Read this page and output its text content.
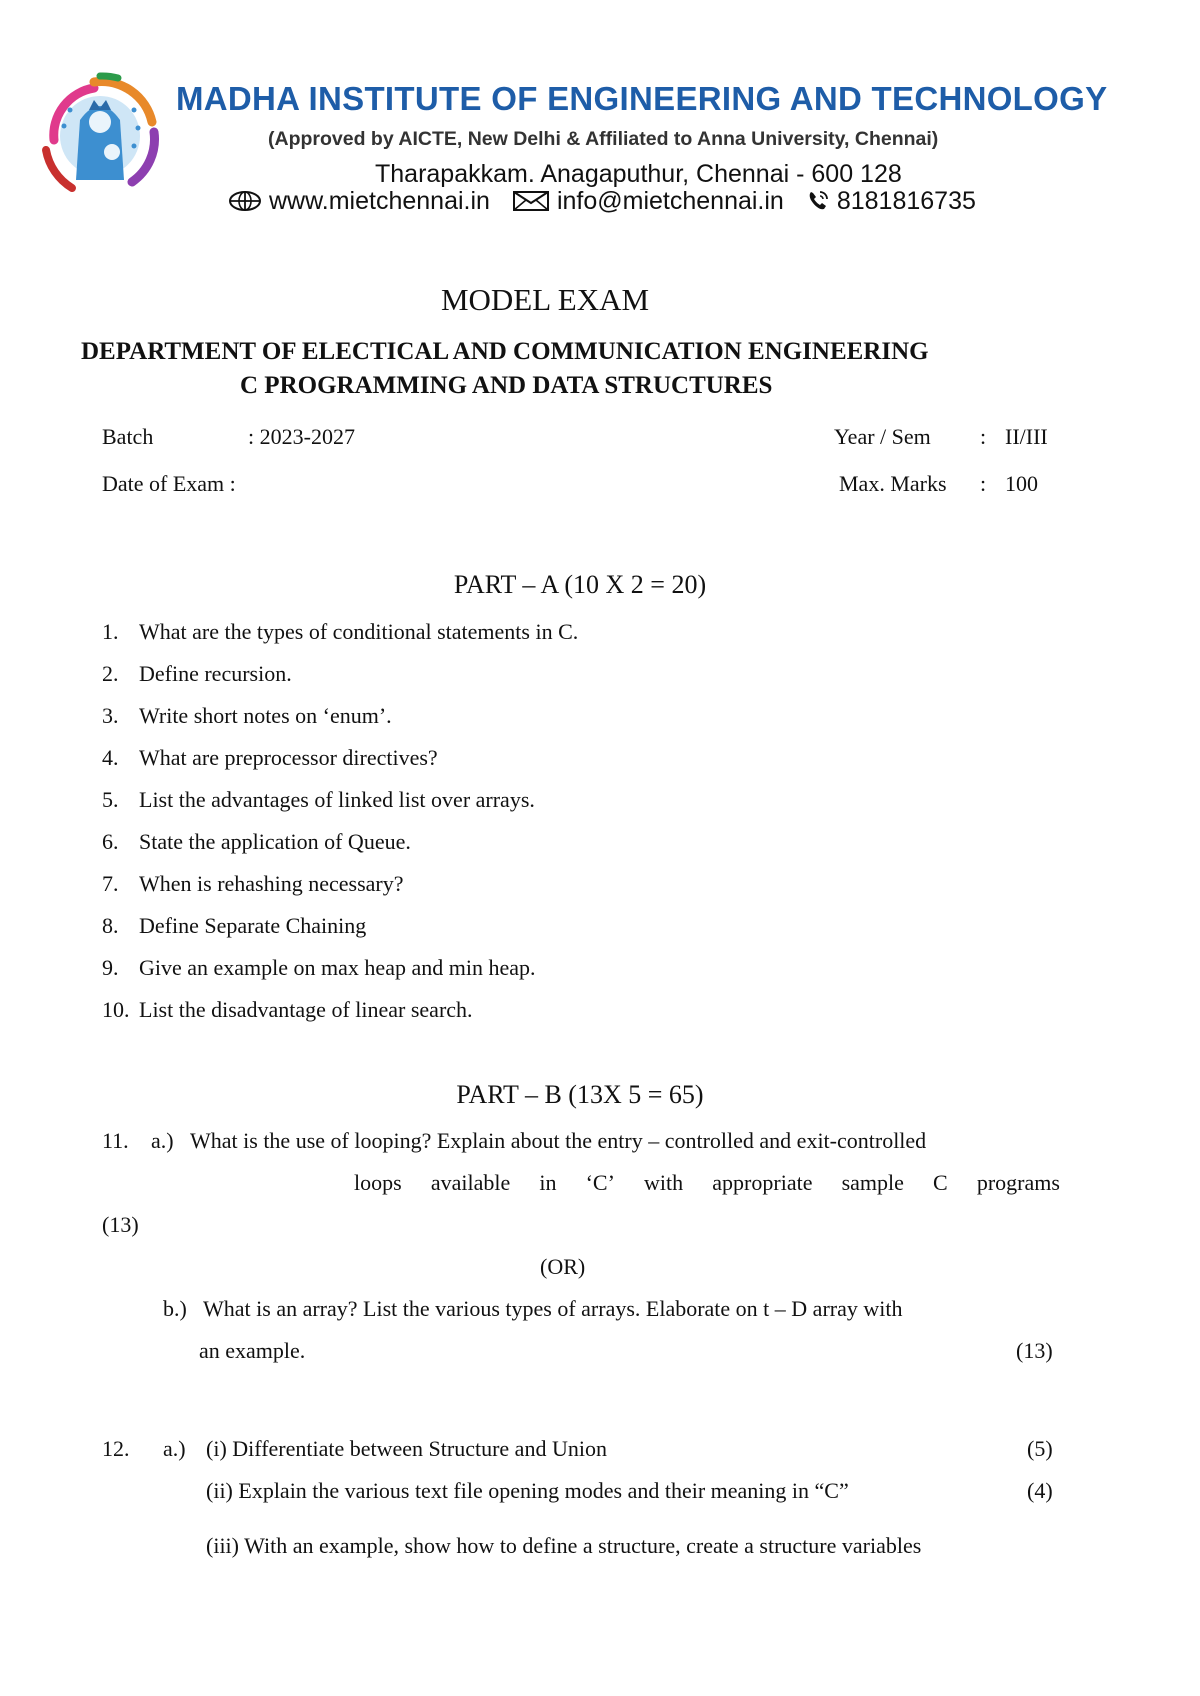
MADHA INSTITUTE OF ENGINEERING AND TECHNOLOGY
(Approved by AICTE, New Delhi & Affiliated to Anna University, Chennai)
Tharapakkam. Anagaputhur, Chennai - 600 128
www.mietchennai.in	info@mietchennai.in 8181816735
MODEL EXAM
DEPARTMENT OF ELECTICAL AND COMMUNICATION ENGINEERING
C PROGRAMMING AND DATA STRUCTURES
Batch	: 2023-2027	Year / Sem : II/III
Date of Exam :	Max. Marks : 100
PART – A (10 X 2 = 20)
1. What are the types of conditional statements in C.
2. Define recursion.
3. Write short notes on ‘enum’.
4. What are preprocessor directives?
5. List the advantages of linked list over arrays.
6. State the application of Queue.
7. When is rehashing necessary?
8. Define Separate Chaining
9. Give an example on max heap and min heap.
10. List the disadvantage of linear search.
PART – B (13X 5 = 65)
11. a.) What is the use of looping? Explain about the entry – controlled and exit-controlled
loops available in ‘C’ with appropriate sample C programs
(13)
(OR)
b.) What is an array? List the various types of arrays. Elaborate on t – D array with
an example.	(13)
12. a.) (i) Differentiate between Structure and Union	(5)
(ii) Explain the various text file opening modes and their meaning in “C”	(4)
(iii) With an example, show how to define a structure, create a structure variables
